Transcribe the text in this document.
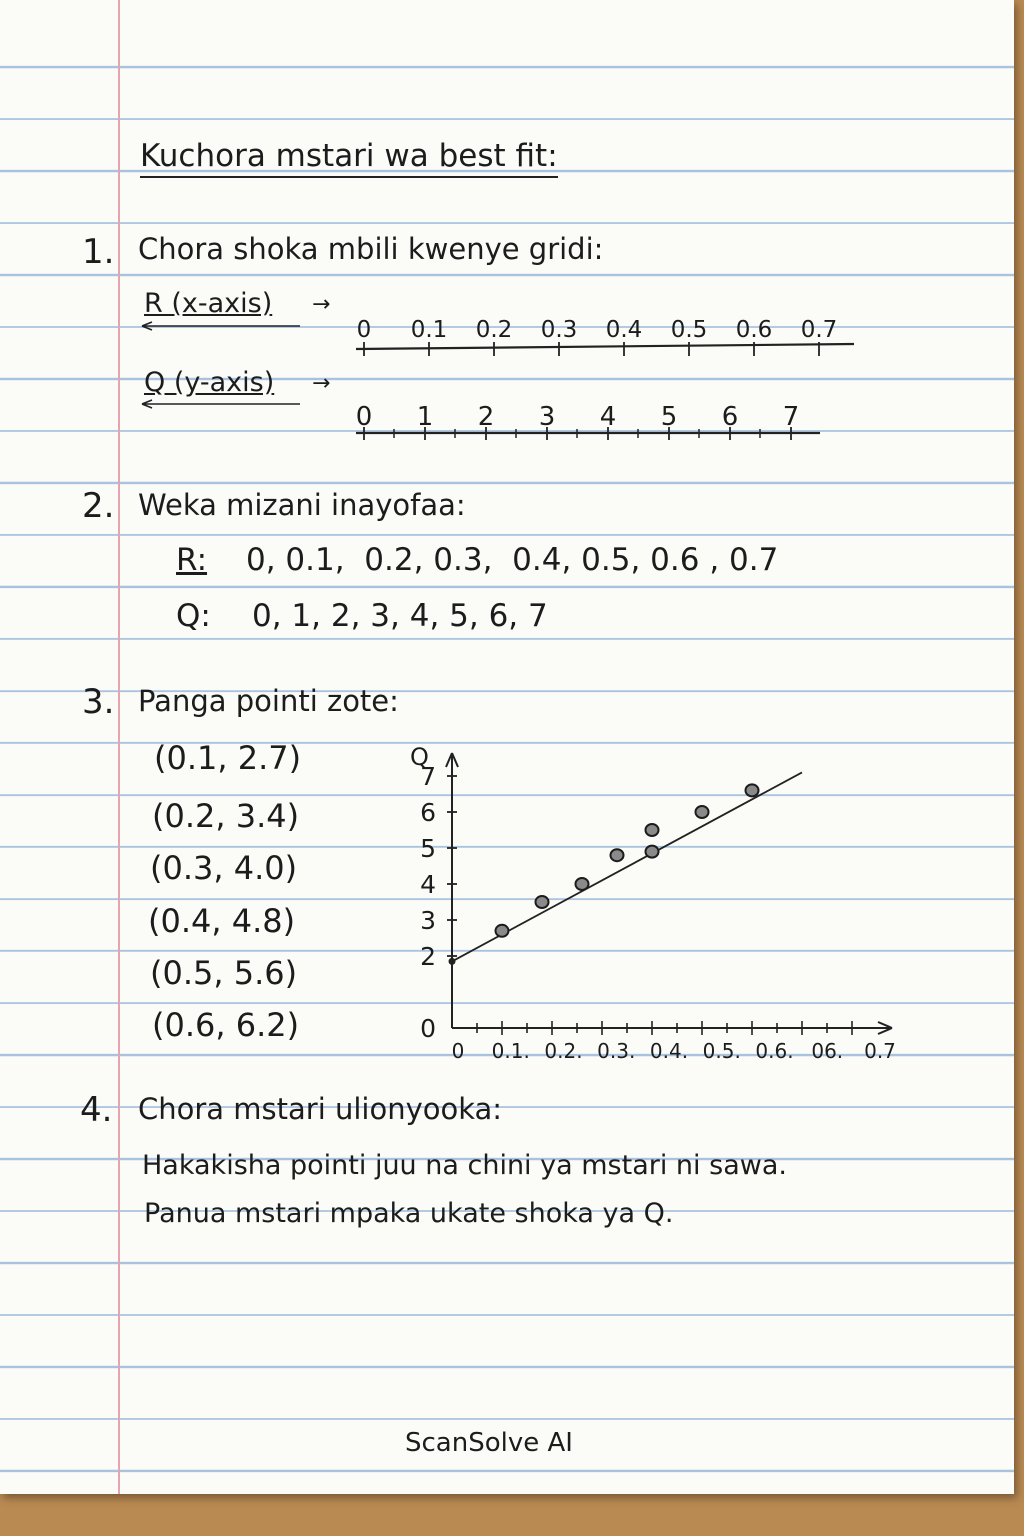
Kuchora mstari wa best fit:
1. Chora shoka mbili kwenye gridi:
R (x-axis) →
Q (y-axis) →
0 0.1 0.2 0.3 0.4 0.5 0.6 0.7
0 1 2 3 4 5 6 7
2. Weka mizani inayofaa:
R: 0, 0.1,  0.2, 0.3,  0.4, 0.5, 0.6 , 0.7
Q: 0, 1, 2, 3, 4, 5, 6, 7
3. Panga pointi zote:
(0.1, 2.7)
(0.2, 3.4)
(0.3, 4.0)
(0.4, 4.8)
(0.5, 5.6)
(0.6, 6.2)
Q
0
2
3
4
5
6
7
0 0.1. 0.2. 0.3. 0.4. 0.5. 0.6. 06. 0.7
4. Chora mstari ulionyooka:
Hakakisha pointi juu na chini ya mstari ni sawa.
Panua mstari mpaka ukate shoka ya Q.
ScanSolve AI
